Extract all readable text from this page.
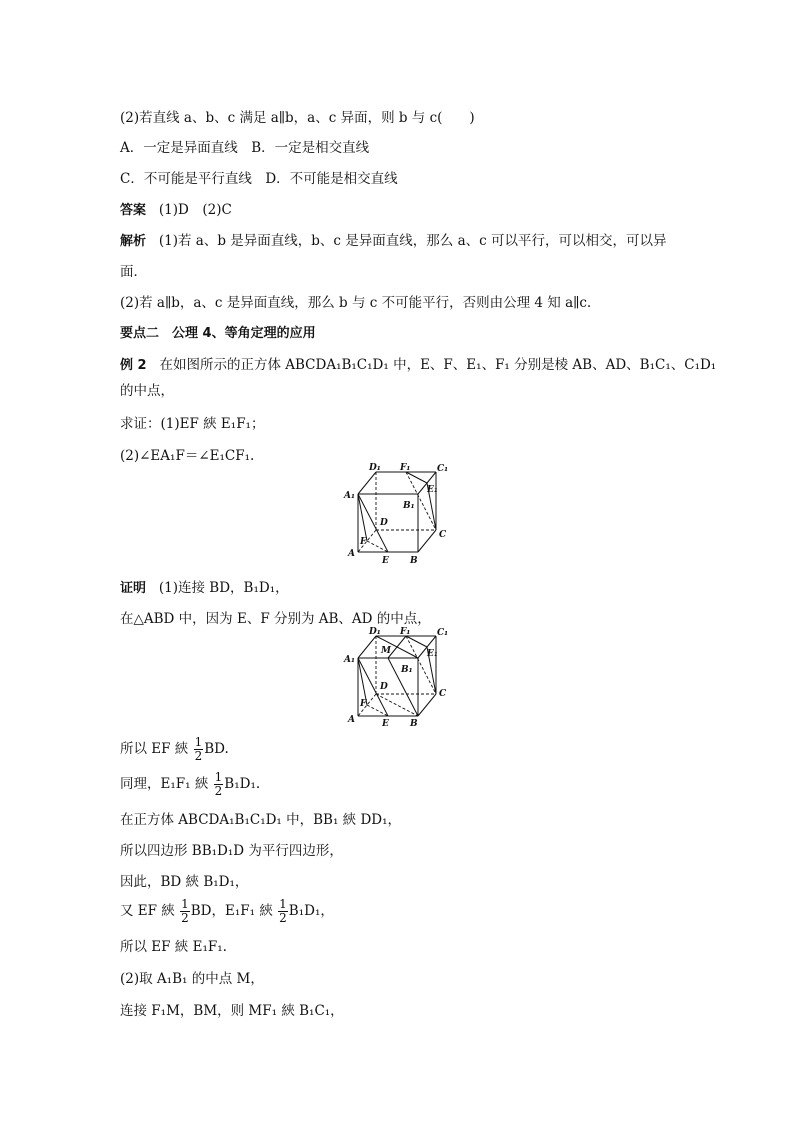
(2)若直线 a、b、c 满足 a∥b，a、c 异面，则 b 与 c(　　)
A．一定是异面直线　B．一定是相交直线
C．不可能是平行直线　D．不可能是相交直线
答案 (1)D　(2)C
解析 (1)若 a、b 是异面直线，b、c 是异面直线，那么 a、c 可以平行，可以相交，可以异
面．
(2)若 a∥b，a、c 是异面直线，那么 b 与 c 不可能平行，否则由公理 4 知 a∥c.
要点二　公理 4、等角定理的应用
例 2 在如图所示的正方体 ABCDA₁B₁C₁D₁ 中，E、F、E₁、F₁ 分别是棱 AB、AD、B₁C₁、C₁D₁
的中点，
求证：(1)EF 綊 E₁F₁；
(2)∠EA₁F＝∠E₁CF₁.
D₁ F₁	C₁
A₁
E₁
B₁
D
C
F
A
E B
证明 (1)连接 BD，B₁D₁，
在△ABD 中，因为 E、F 分别为 AB、AD 的中点，
D₁ F₁	C₁
A₁
M
B₁
E₁
D
C
F
A	E B
所以 EF 綊 $\frac{1}{2}$ BD.
同理，E₁F₁ 綊 $\frac{1}{2} B_1D_1$.
在正方体 ABCDA₁B₁C₁D₁ 中，BB₁ 綊 DD₁，
所以四边形 BB₁D₁D 为平行四边形，
因此，BD 綊 B₁D₁，
又 EF 綊 $\frac{1}{2}$ BD，E₁F₁ 綊 $\frac{1}{2} B_1D_1$，
所以 EF 綊 E₁F₁.
(2)取 A₁B₁ 的中点 M，
连接 F₁M，BM，则 MF₁ 綊 B₁C₁，
